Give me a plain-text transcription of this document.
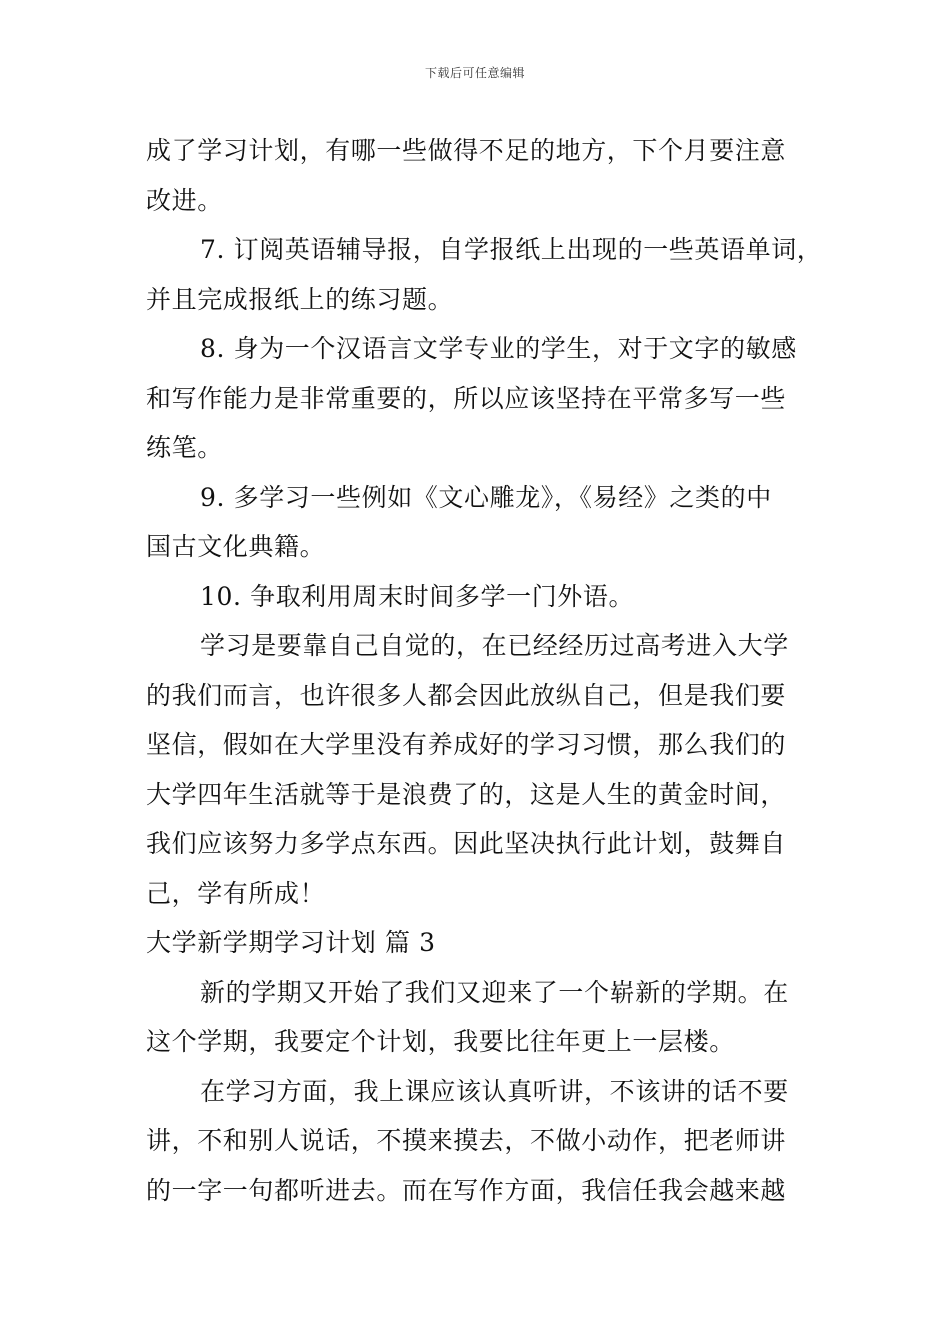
下载后可任意编辑
成了学习计划，有哪一些做得不足的地方，下个月要注意
改进。
7. 订阅英语辅导报，自学报纸上出现的一些英语单词，
并且完成报纸上的练习题。
8. 身为一个汉语言文学专业的学生，对于文字的敏感
和写作能力是非常重要的，所以应该坚持在平常多写一些
练笔。
9. 多学习一些例如《文心雕龙》，《易经》之类的中
国古文化典籍。
10. 争取利用周末时间多学一门外语。
学习是要靠自己自觉的，在已经经历过高考进入大学
的我们而言，也许很多人都会因此放纵自己，但是我们要
坚信，假如在大学里没有养成好的学习习惯，那么我们的
大学四年生活就等于是浪费了的，这是人生的黄金时间，
我们应该努力多学点东西。因此坚决执行此计划，鼓舞自
己，学有所成！
大学新学期学习计划 篇 3
新的学期又开始了我们又迎来了一个崭新的学期。在
这个学期，我要定个计划，我要比往年更上一层楼。
在学习方面，我上课应该认真听讲，不该讲的话不要
讲，不和别人说话，不摸来摸去，不做小动作，把老师讲
的一字一句都听进去。而在写作方面，我信任我会越来越
